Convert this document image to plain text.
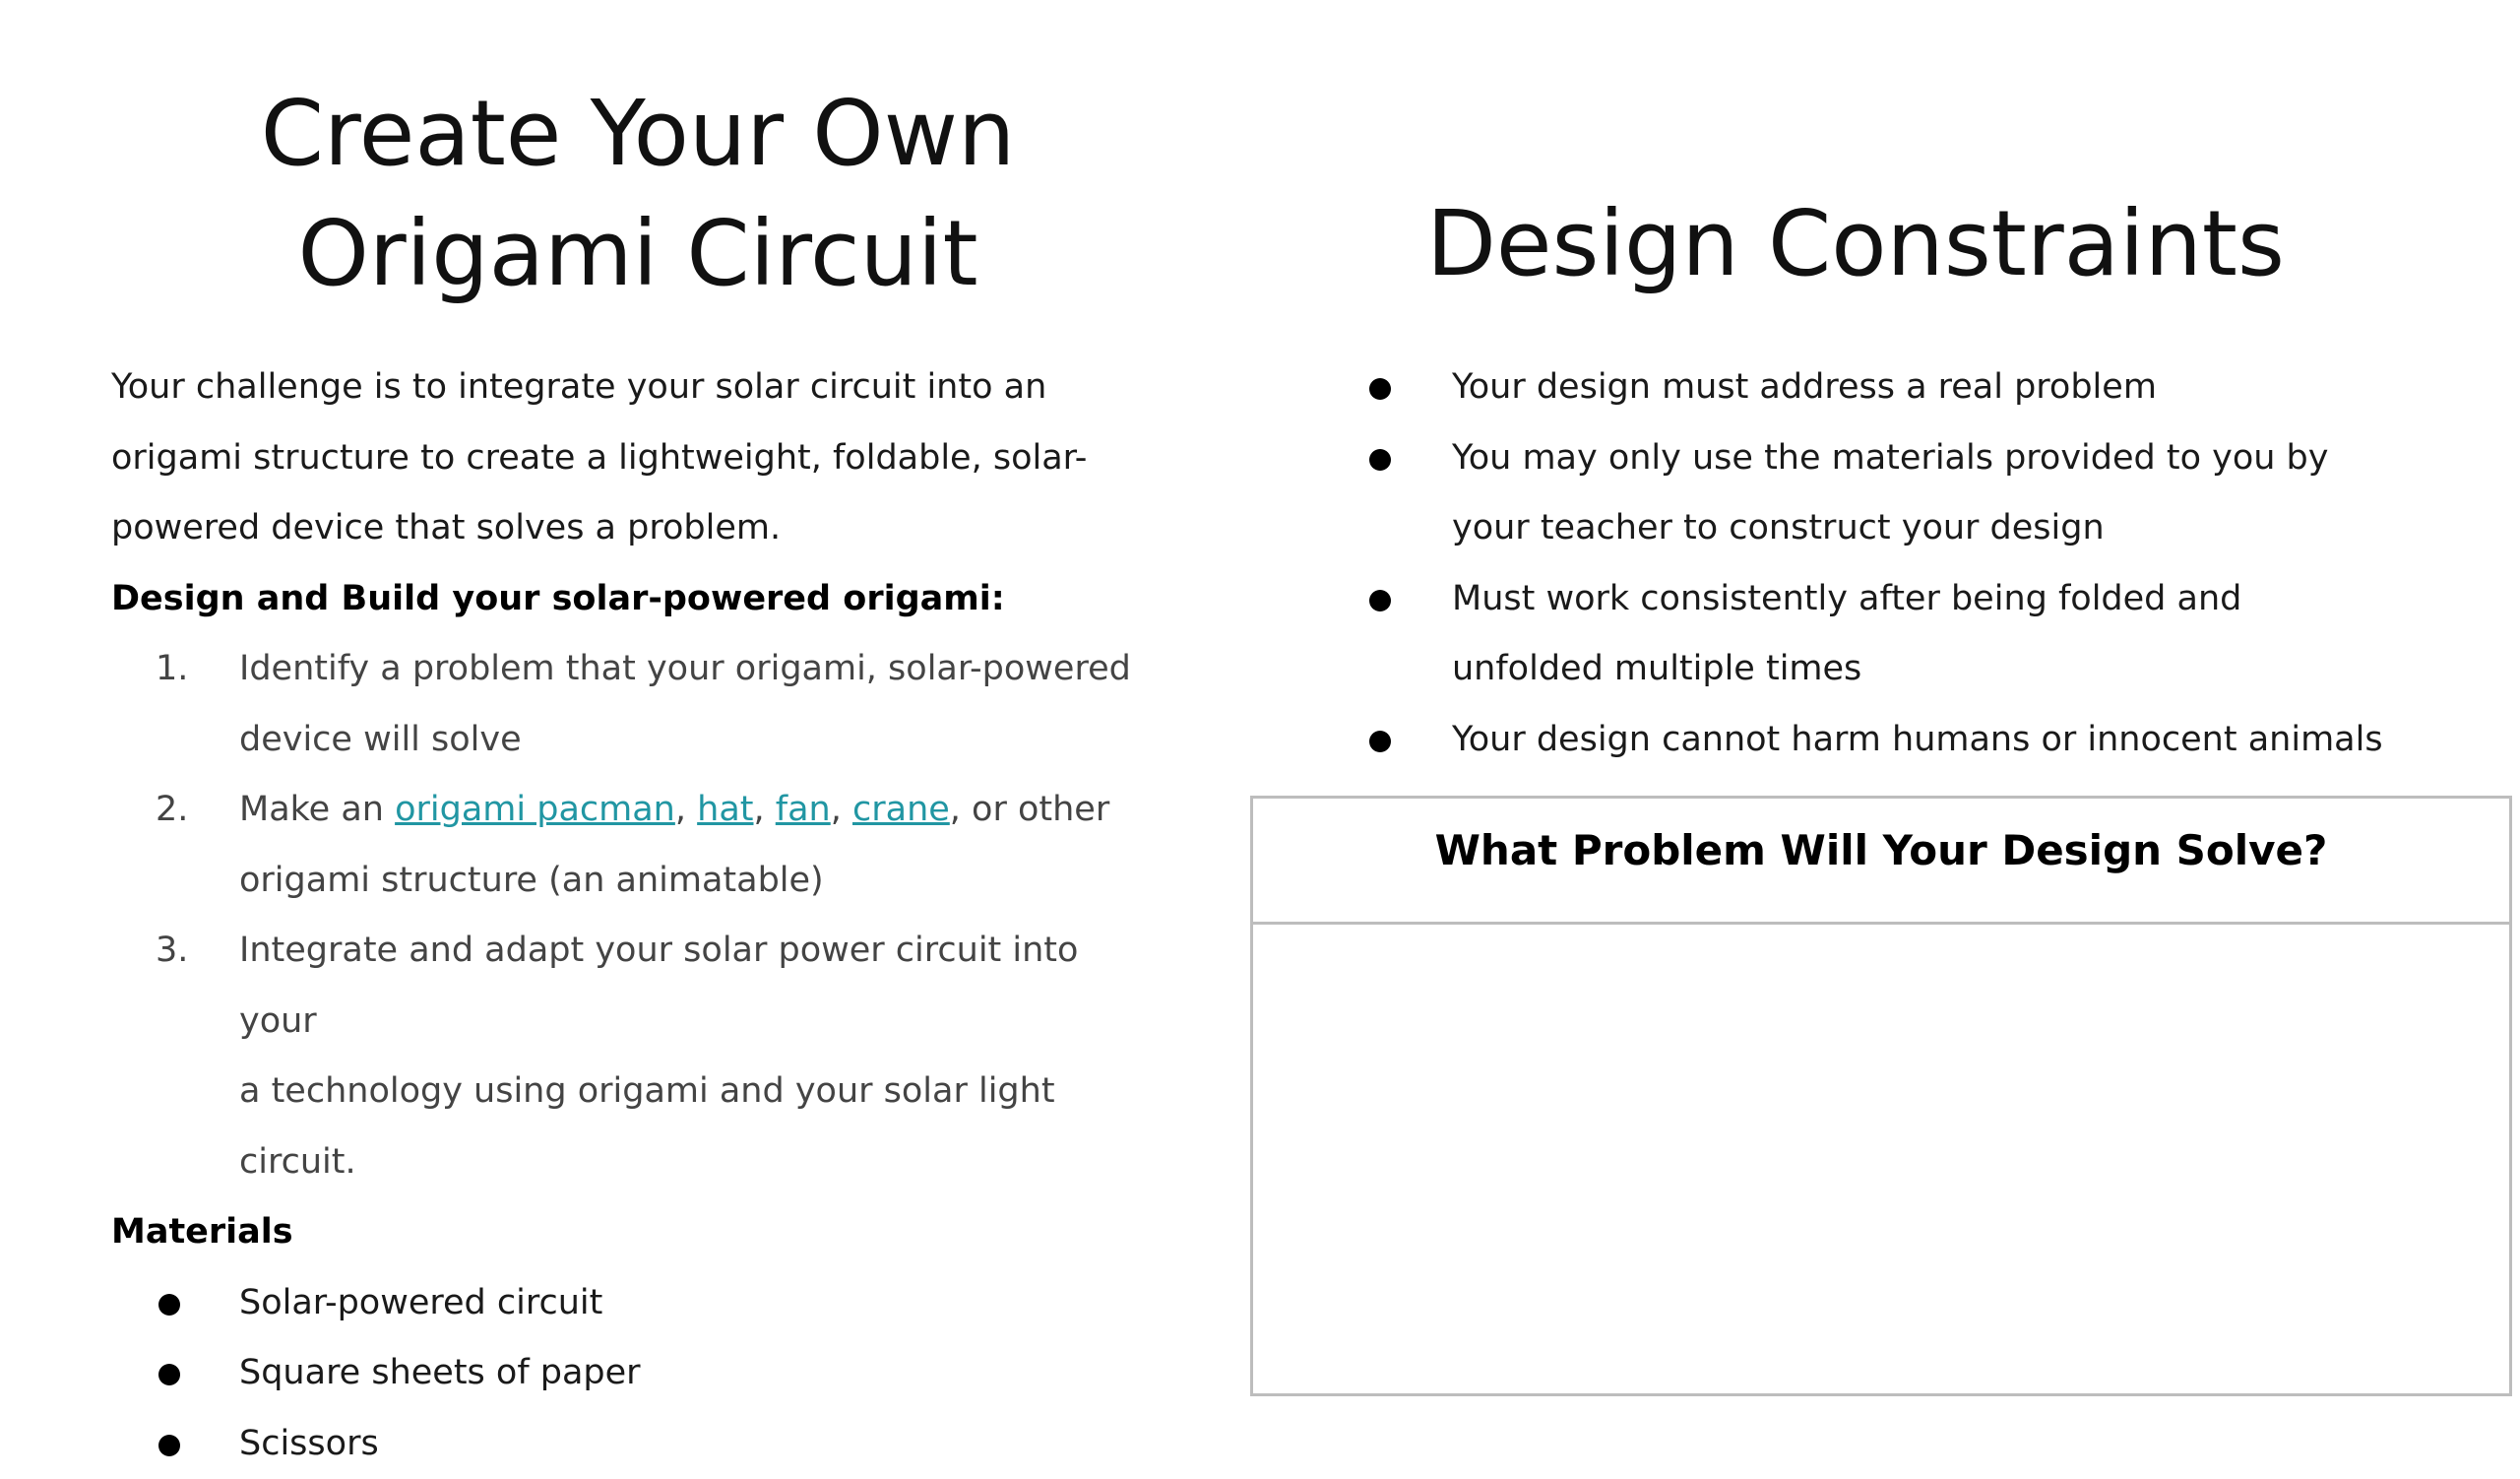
Create Your Own
Origami Circuit
Your challenge is to integrate your solar circuit into an
origami structure to create a lightweight, foldable, solar-
powered device that solves a problem.
Design and Build your solar-powered origami:
1. Identify a problem that your origami, solar-powered
device will solve
2. Make an origami pacman, hat, fan, crane, or other
origami structure (an animatable)
3. Integrate and adapt your solar power circuit into your
a technology using origami and your solar light circuit.
Materials
Solar-powered circuit
Square sheets of paper
Scissors
Design Constraints
Your design must address a real problem
You may only use the materials provided to you by
your teacher to construct your design
Must work consistently after being folded and
unfolded multiple times
Your design cannot harm humans or innocent animals
What Problem Will Your Design Solve?
